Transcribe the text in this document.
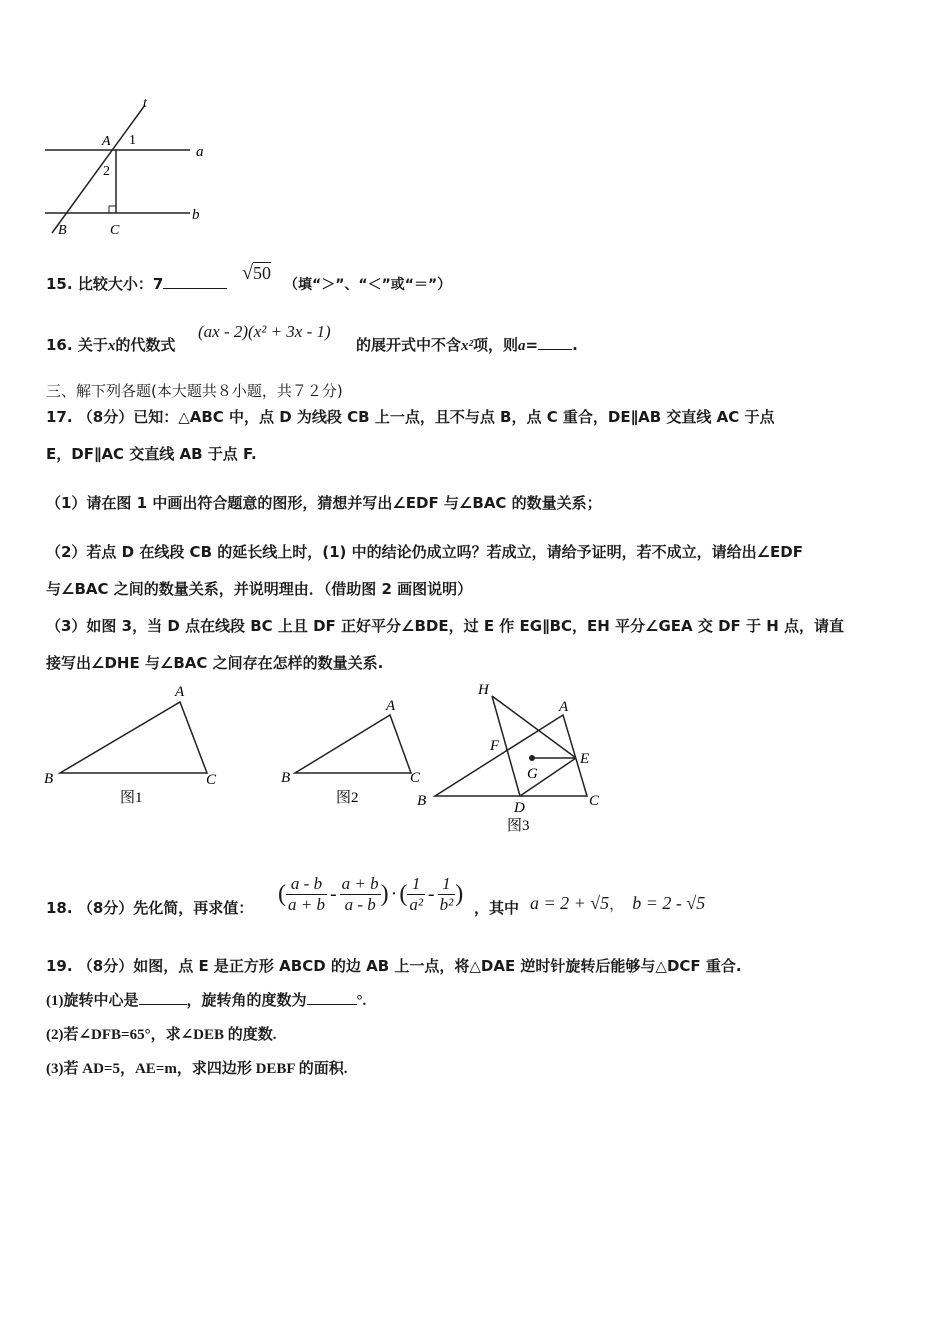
t
a
b
A 1
2
B	C
15. 比较大小：7	√50
（填“＞”、“＜”或“＝”）
16. 关于x的代数式
(ax - 2)(x² + 3x - 1)
的展开式中不含x²项，则a= .
三、解下列各题(本大题共８小题，共７２分)
17. （8分）已知：△ABC 中，点 D 为线段 CB 上一点，且不与点 B，点 C 重合，DE∥AB 交直线 AC 于点
E，DF∥AC 交直线 AB 于点 F.
（1）请在图 1 中画出符合题意的图形，猜想并写出∠EDF 与∠BAC 的数量关系；
（2）若点 D 在线段 CB 的延长线上时，(1) 中的结论仍成立吗？若成立，请给予证明，若不成立，请给出∠EDF
与∠BAC 之间的数量关系，并说明理由．（借助图 2 画图说明）
（3）如图 3，当 D 点在线段 BC 上且 DF 正好平分∠BDE，过 E 作 EG∥BC，EH 平分∠GEA 交 DF 于 H 点，请直
接写出∠DHE 与∠BAC 之间存在怎样的数量关系.
A
B	C
图1
A
B	C
图2
H
A
F
E
G
B	D	C
图3
18. （8分）先化简，再求值：
( $\frac{a - b}{a + b} - \frac{a + b}{a - b}$ ) · ( $\frac{1}{\text{a²}} - \frac{1}{\text{b²}}$ )
，其中 a = 2 + √5， b = 2 - √5
19. （8分）如图，点 E 是正方形 ABCD 的边 AB 上一点，将△DAE 逆时针旋转后能够与△DCF 重合.
(1)旋转中心是	，旋转角的度数为	°.
(2)若∠DFB=65°，求∠DEB 的度数.
(3)若 AD=5，AE=m，求四边形 DEBF 的面积.
